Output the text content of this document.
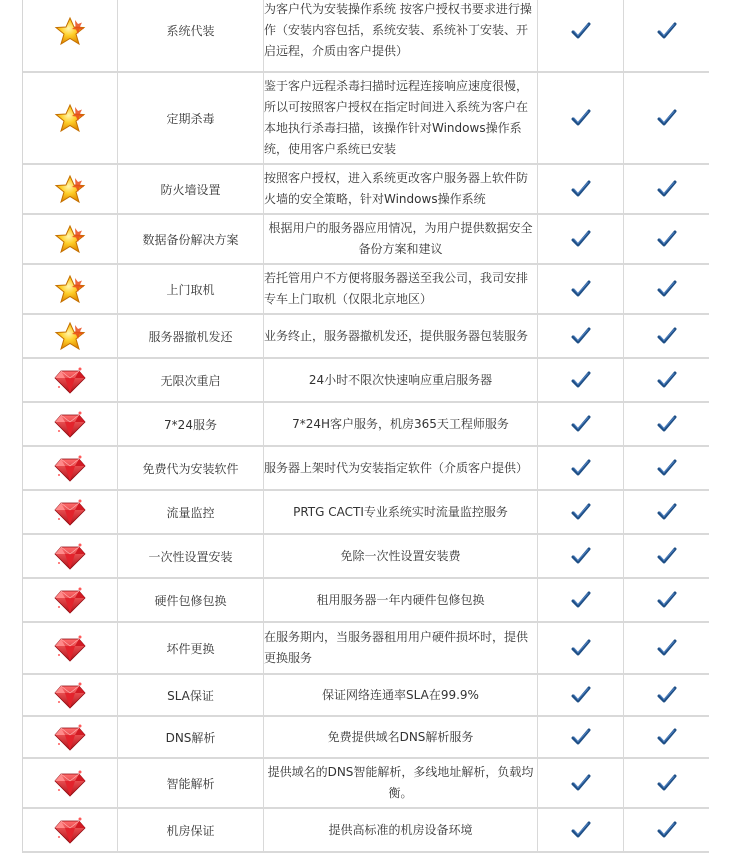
	系统代装	为客户代为安装操作系统 按客户授权书要求进行操作（安装内容包括，系统安装、系统补丁安装、开启远程，介质由客户提供）		
	定期杀毒	鉴于客户远程杀毒扫描时远程连接响应速度很慢，所以可按照客户授权在指定时间进入系统为客户在本地执行杀毒扫描，该操作针对Windows操作系统，使用客户系统已安装		
	防火墙设置	按照客户授权，进入系统更改客户服务器上软件防火墙的安全策略，针对Windows操作系统		
	数据备份解决方案	根据用户的服务器应用情况，为用户提供数据安全备份方案和建议		
	上门取机	若托管用户不方便将服务器送至我公司，我司安排专车上门取机（仅限北京地区）		
	服务器撤机发还	业务终止，服务器撤机发还，提供服务器包装服务		
	无限次重启	24小时不限次快速响应重启服务器		
	7*24服务	7*24H客户服务，机房365天工程师服务		
	免费代为安装软件	服务器上架时代为安装指定软件（介质客户提供）		
	流量监控	PRTG CACTI专业系统实时流量监控服务		
	一次性设置安装	免除一次性设置安装费		
	硬件包修包换	租用服务器一年内硬件包修包换		
	坏件更换	在服务期内，当服务器租用用户硬件损坏时，提供更换服务		
	SLA保证	保证网络连通率SLA在99.9%		
	DNS解析	免费提供域名DNS解析服务		
	智能解析	提供域名的DNS智能解析，多线地址解析，负载均衡。		
	机房保证	提供高标准的机房设备环境		
